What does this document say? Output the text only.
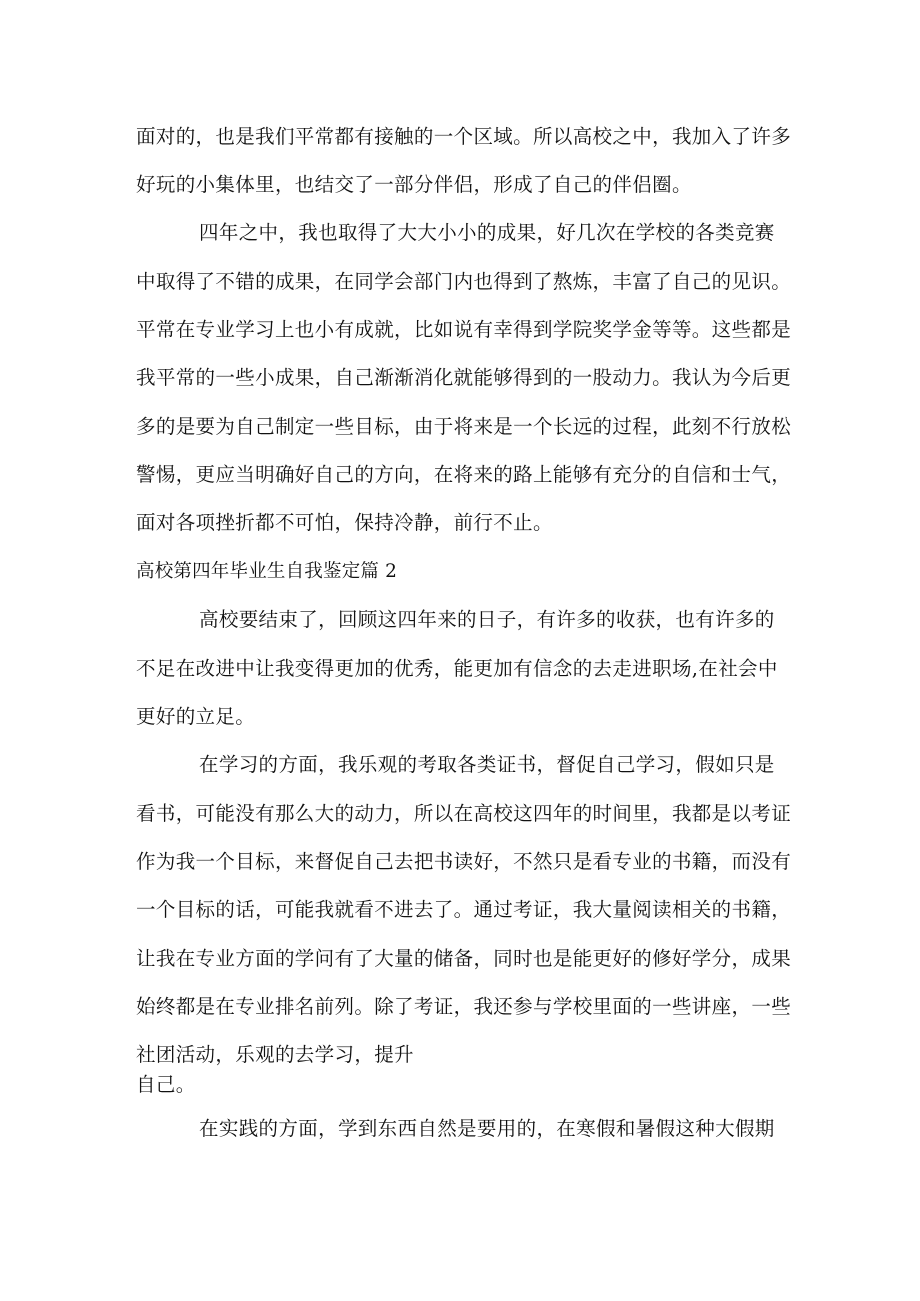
面对的，也是我们平常都有接触的一个区域。所以高校之中，我加入了许多
好玩的小集体里，也结交了一部分伴侣，形成了自己的伴侣圈。
四年之中，我也取得了大大小小的成果，好几次在学校的各类竞赛
中取得了不错的成果，在同学会部门内也得到了熬炼，丰富了自己的见识。
平常在专业学习上也小有成就，比如说有幸得到学院奖学金等等。这些都是
我平常的一些小成果，自己渐渐消化就能够得到的一股动力。我认为今后更
多的是要为自己制定一些目标，由于将来是一个长远的过程，此刻不行放松
警惕，更应当明确好自己的方向，在将来的路上能够有充分的自信和士气，
面对各项挫折都不可怕，保持冷静，前行不止。
高校第四年毕业生自我鉴定篇 2
高校要结束了，回顾这四年来的日子，有许多的收获，也有许多的
不足在改进中让我变得更加的优秀，能更加有信念的去走进职场,在社会中
更好的立足。
在学习的方面，我乐观的考取各类证书，督促自己学习，假如只是
看书，可能没有那么大的动力，所以在高校这四年的时间里，我都是以考证
作为我一个目标，来督促自己去把书读好，不然只是看专业的书籍，而没有
一个目标的话，可能我就看不进去了。通过考证，我大量阅读相关的书籍，
让我在专业方面的学问有了大量的储备，同时也是能更好的修好学分，成果
始终都是在专业排名前列。除了考证，我还参与学校里面的一些讲座，一些
社团活动，乐观的去学习，提升
自己。
在实践的方面，学到东西自然是要用的，在寒假和暑假这种大假期
